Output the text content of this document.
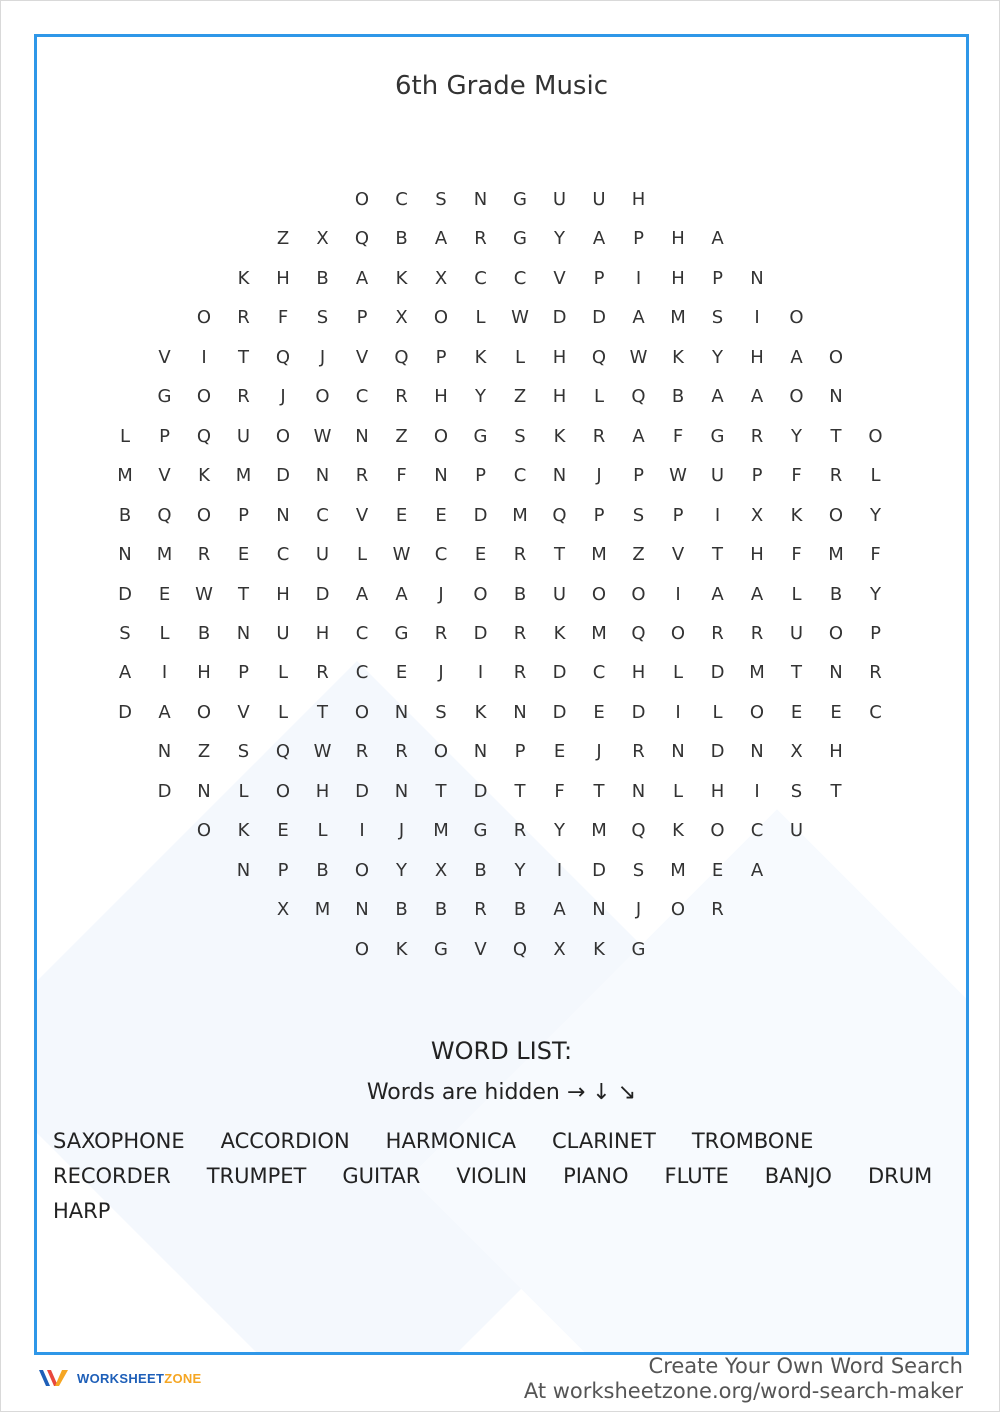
6th Grade Music
O	C	S	N	G	U	U	H
Z	X	Q	B	A	R	G	Y	A	P	H	A
K	H	B	A	K	X	C	C	V	P	I	H	P	N
O	R	F	S	P	X	O	L	W	D	D	A	M	S	I	O
V	I	T	Q	J	V	Q	P	K	L	H	Q	W	K	Y	H	A	O
G	O	R	J	O	C	R	H	Y	Z	H	L	Q	B	A	A	O	N
L	P	Q	U	O	W	N	Z	O	G	S	K	R	A	F	G	R	Y	T	O
M	V	K	M	D	N	R	F	N	P	C	N	J	P	W	U	P	F	R	L
B	Q	O	P	N	C	V	E	E	D	M	Q	P	S	P	I	X	K	O	Y
N	M	R	E	C	U	L	W	C	E	R	T	M	Z	V	T	H	F	M	F
D	E	W	T	H	D	A	A	J	O	B	U	O	O	I	A	A	L	B	Y
S	L	B	N	U	H	C	G	R	D	R	K	M	Q	O	R	R	U	O	P
A	I	H	P	L	R	C	E	J	I	R	D	C	H	L	D	M	T	N	R
D	A	O	V	L	T	O	N	S	K	N	D	E	D	I	L	O	E	E	C
N	Z	S	Q	W	R	R	O	N	P	E	J	R	N	D	N	X	H
D	N	L	O	H	D	N	T	D	T	F	T	N	L	H	I	S	T
O	K	E	L	I	J	M	G	R	Y	M	Q	K	O	C	U
N	P	B	O	Y	X	B	Y	I	D	S	M	E	A
X	M	N	B	B	R	B	A	N	J	O	R
O	K	G	V	Q	X	K	G
WORD LIST:
Words are hidden → ↓ ↘
SAXOPHONE ACCORDION HARMONICA CLARINET TROMBONE
RECORDER TRUMPET GUITAR VIOLIN PIANO FLUTE BANJO DRUM
HARP
WORKSHEETZONE	Create Your Own Word Search
At worksheetzone.org/word-search-maker
